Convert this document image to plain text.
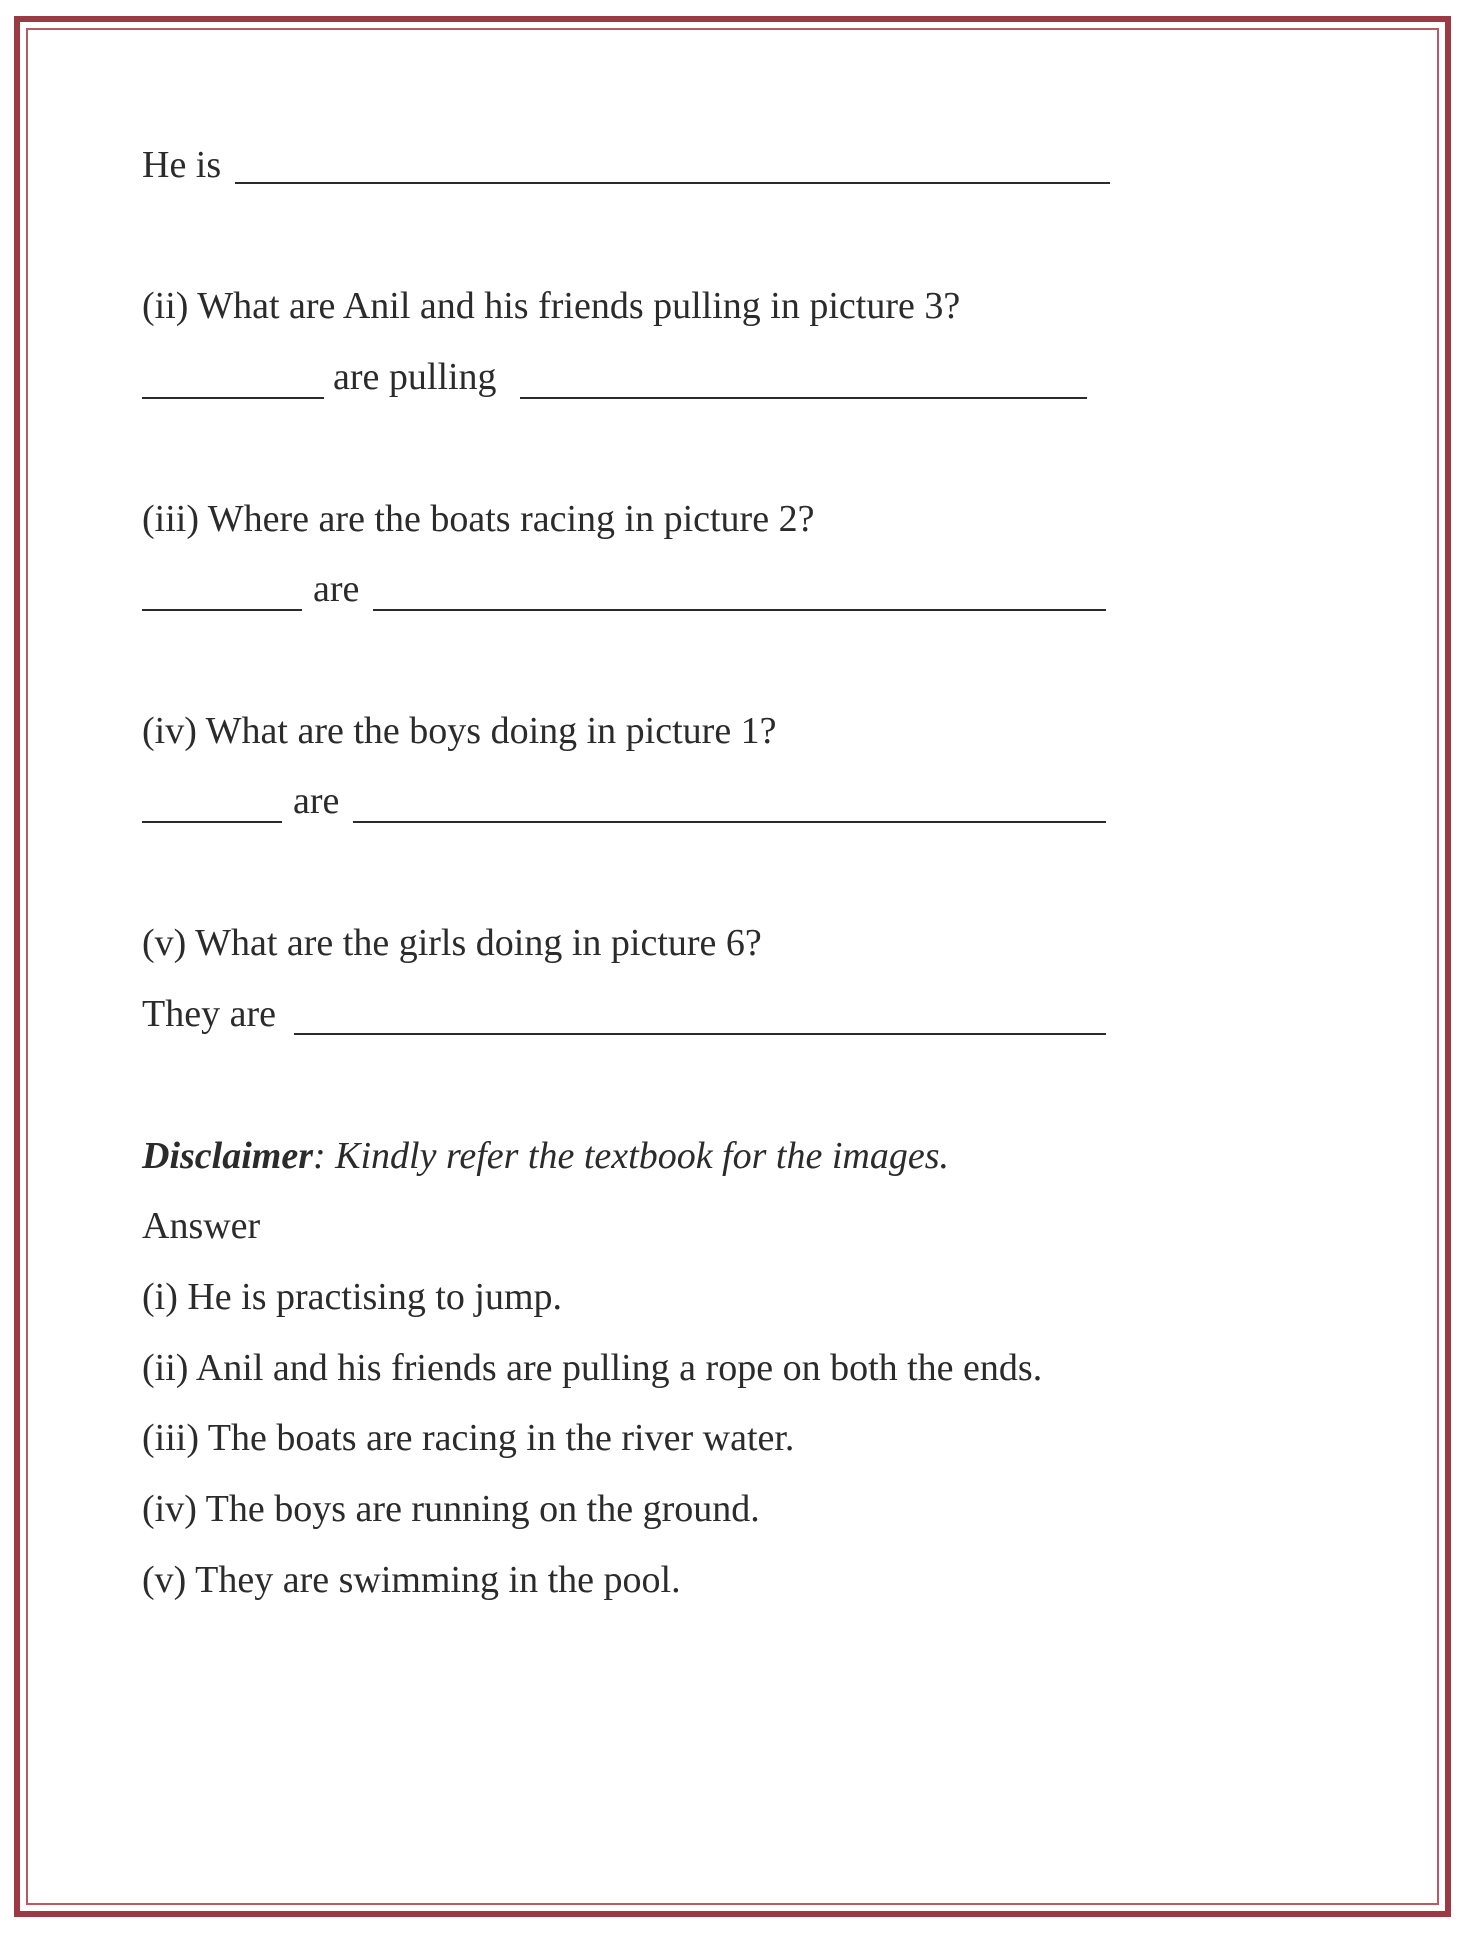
He is

(ii) What are Anil and his friends pulling in picture 3?

are pulling

(iii) Where are the boats racing in picture 2?

are

(iv) What are the boys doing in picture 1?

are

(v) What are the girls doing in picture 6?

They are

Disclaimer: Kindly refer the textbook for the images.

Answer

(i) He is practising to jump.

(ii) Anil and his friends are pulling a rope on both the ends.

(iii) The boats are racing in the river water.

(iv) The boys are running on the ground.

(v) They are swimming in the pool.
